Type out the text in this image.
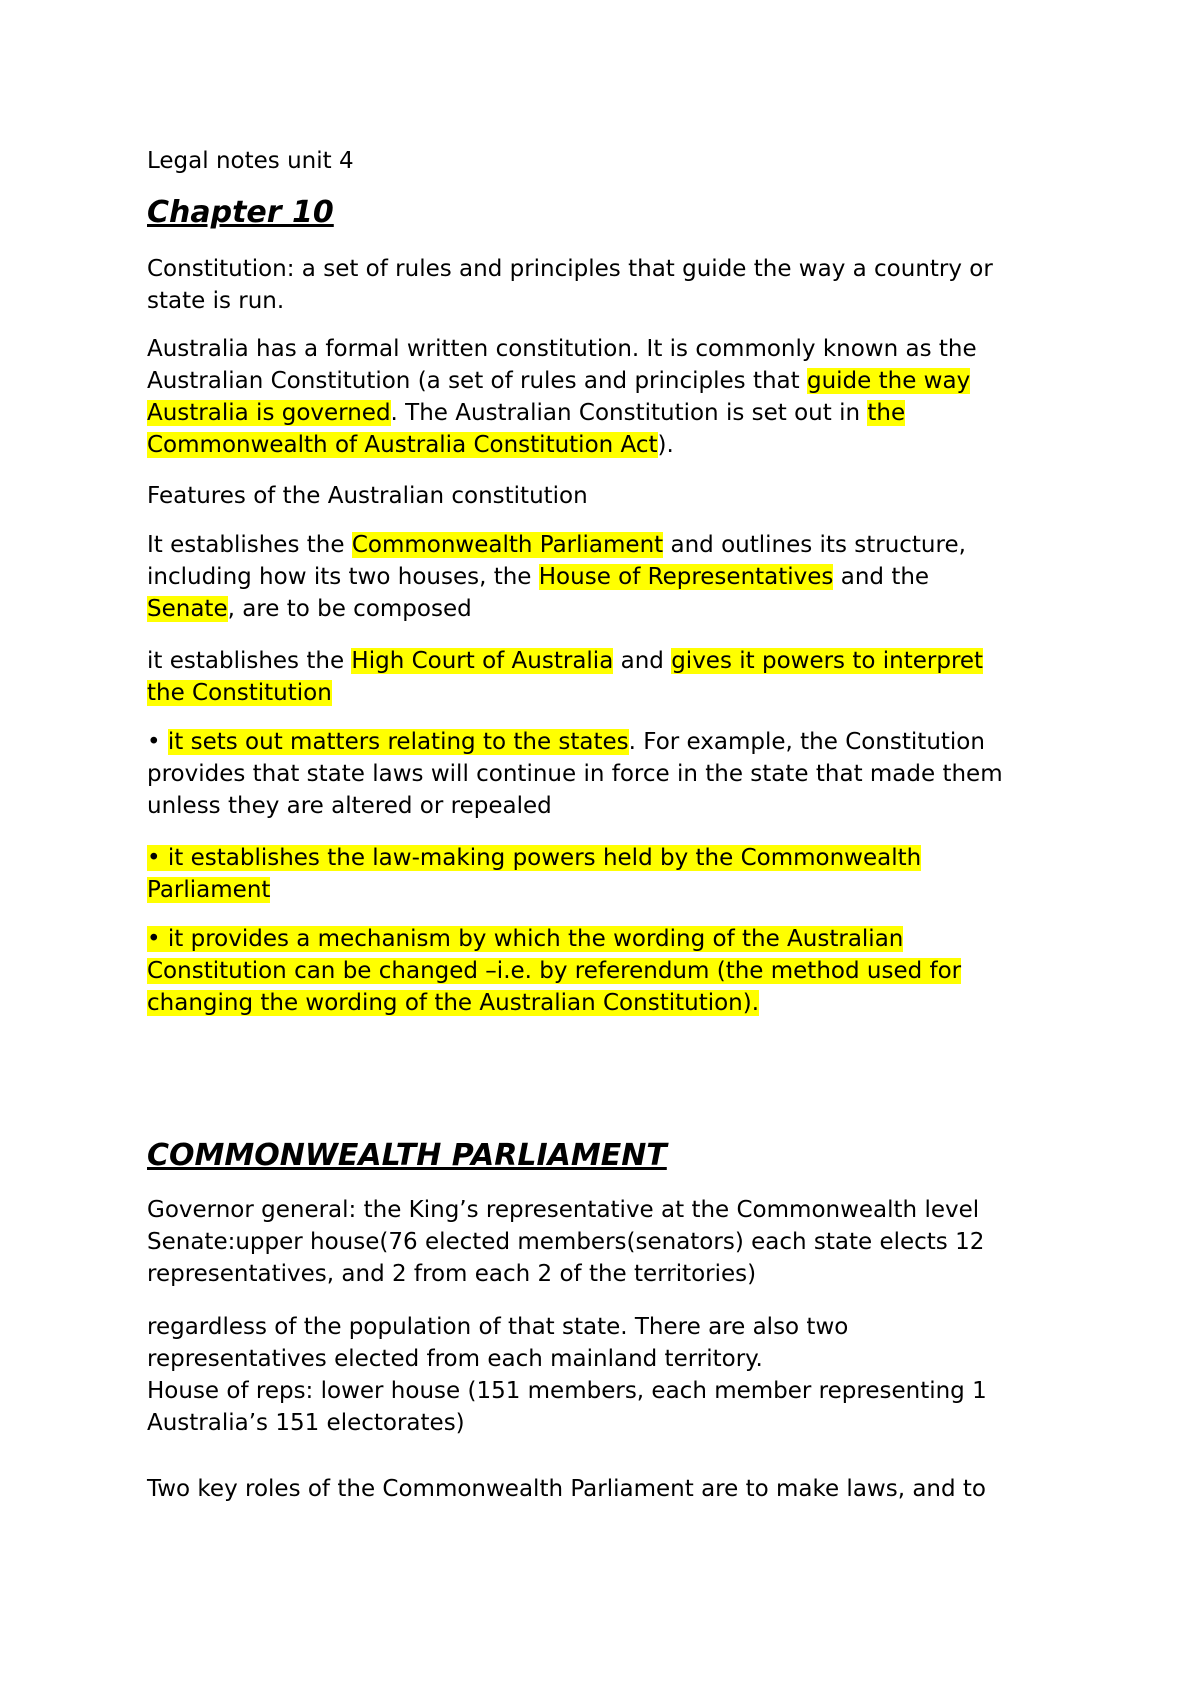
Legal notes unit 4
Chapter 10
Constitution: a set of rules and principles that guide the way a country or
state is run.
Australia has a formal written constitution. It is commonly known as the
Australian Constitution (a set of rules and principles that guide the way
Australia is governed. The Australian Constitution is set out in the
Commonwealth of Australia Constitution Act).
Features of the Australian constitution
It establishes the Commonwealth Parliament and outlines its structure,
including how its two houses, the House of Representatives and the
Senate, are to be composed
it establishes the High Court of Australia and gives it powers to interpret
the Constitution
• it sets out matters relating to the states. For example, the Constitution
provides that state laws will continue in force in the state that made them
unless they are altered or repealed
• it establishes the law-making powers held by the Commonwealth
Parliament
• it provides a mechanism by which the wording of the Australian
Constitution can be changed –i.e. by referendum (the method used for
changing the wording of the Australian Constitution).
COMMONWEALTH PARLIAMENT
Governor general: the King’s representative at the Commonwealth level
Senate:upper house(76 elected members(senators) each state elects 12
representatives, and 2 from each 2 of the territories)
regardless of the population of that state. There are also two
representatives elected from each mainland territory.
House of reps: lower house (151 members, each member representing 1
Australia’s 151 electorates)
Two key roles of the Commonwealth Parliament are to make laws, and to
